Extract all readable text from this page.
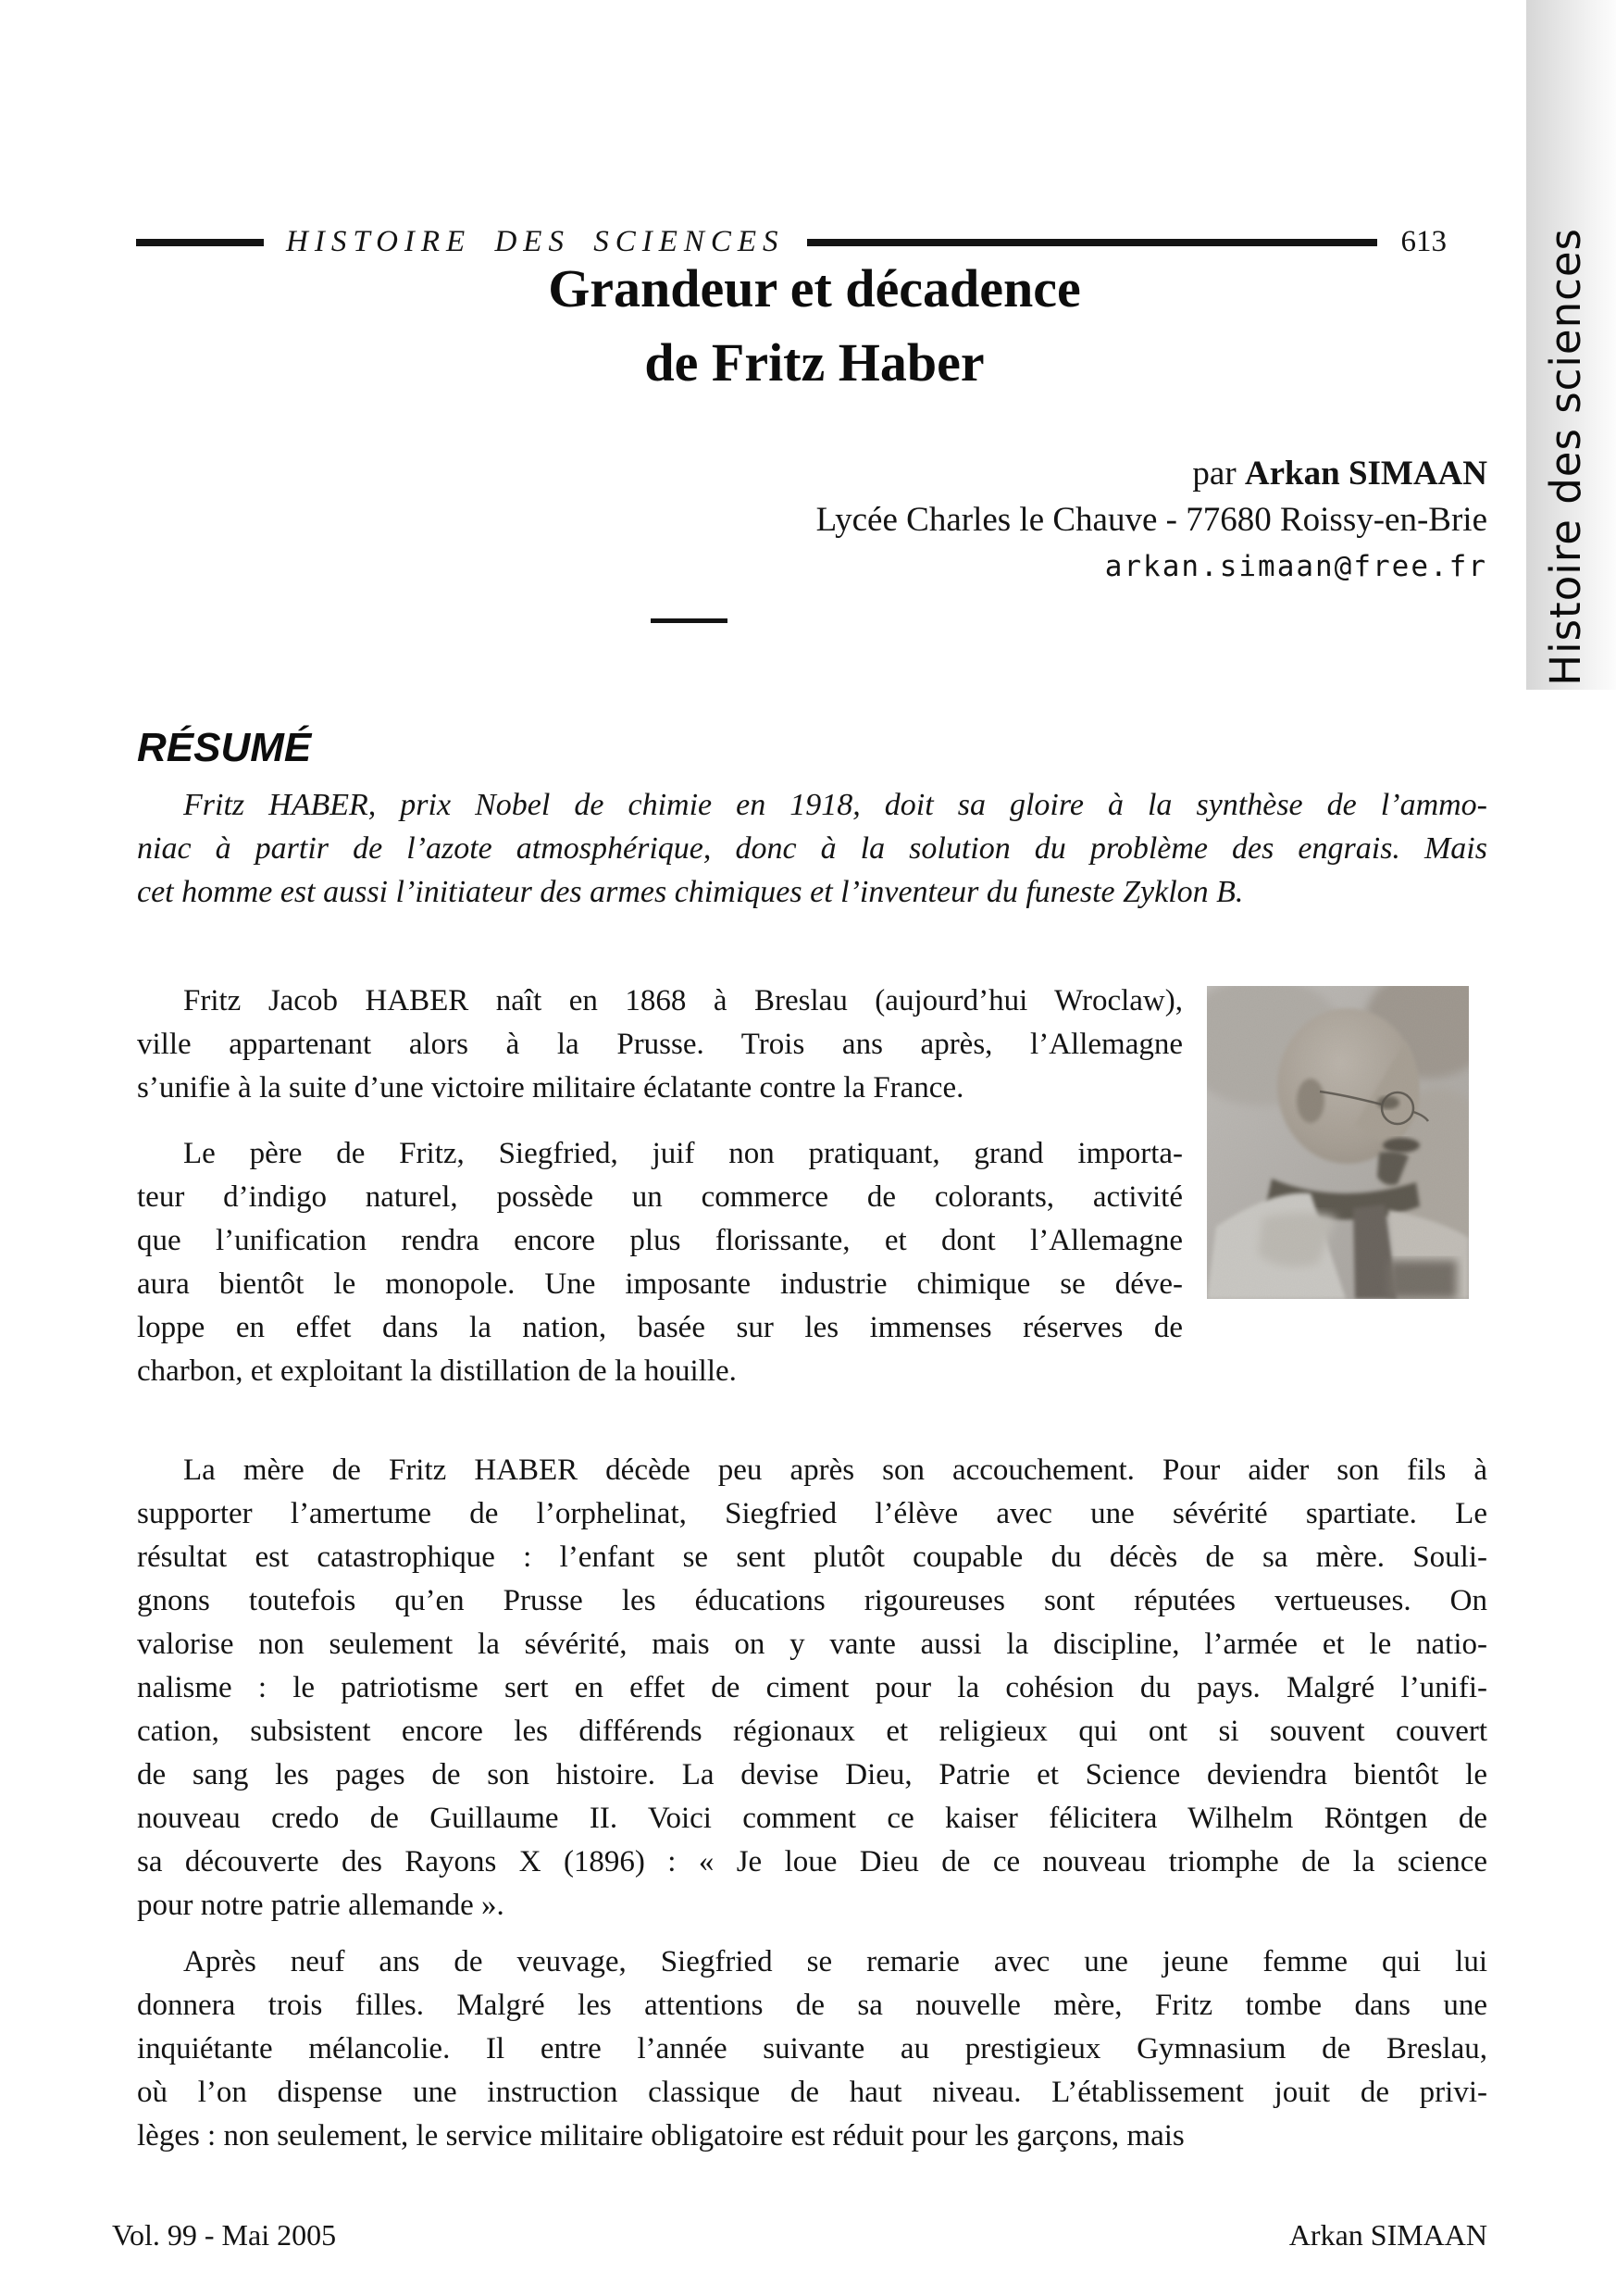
Histoire des sciences
HISTOIRE DES SCIENCES	613
Grandeur et décadence
de Fritz Haber
par Arkan SIMAAN
Lycée Charles le Chauve - 77680 Roissy-en-Brie
arkan.simaan@free.fr
RÉSUMÉ
Fritz HABER, prix Nobel de chimie en 1918, doit sa gloire à la synthèse de l’ammo-
niac à partir de l’azote atmosphérique, donc à la solution du problème des engrais. Mais
cet homme est aussi l’initiateur des armes chimiques et l’inventeur du funeste Zyklon B.
Fritz Jacob HABER naît en 1868 à Breslau (aujourd’hui Wroclaw),
ville appartenant alors à la Prusse. Trois ans après, l’Allemagne
s’unifie à la suite d’une victoire militaire éclatante contre la France.
Le père de Fritz, Siegfried, juif non pratiquant, grand importa-
teur d’indigo naturel, possède un commerce de colorants, activité
que l’unification rendra encore plus florissante, et dont l’Allemagne
aura bientôt le monopole. Une imposante industrie chimique se déve-
loppe en effet dans la nation, basée sur les immenses réserves de
charbon, et exploitant la distillation de la houille.
La mère de Fritz HABER décède peu après son accouchement. Pour aider son fils à
supporter l’amertume de l’orphelinat, Siegfried l’élève avec une sévérité spartiate. Le
résultat est catastrophique : l’enfant se sent plutôt coupable du décès de sa mère. Souli-
gnons toutefois qu’en Prusse les éducations rigoureuses sont réputées vertueuses. On
valorise non seulement la sévérité, mais on y vante aussi la discipline, l’armée et le natio-
nalisme : le patriotisme sert en effet de ciment pour la cohésion du pays. Malgré l’unifi-
cation, subsistent encore les différends régionaux et religieux qui ont si souvent couvert
de sang les pages de son histoire. La devise Dieu, Patrie et Science deviendra bientôt le
nouveau credo de Guillaume II. Voici comment ce kaiser félicitera Wilhelm Röntgen de
sa découverte des Rayons X (1896) : « Je loue Dieu de ce nouveau triomphe de la science
pour notre patrie allemande ».
Après neuf ans de veuvage, Siegfried se remarie avec une jeune femme qui lui
donnera trois filles. Malgré les attentions de sa nouvelle mère, Fritz tombe dans une
inquiétante mélancolie. Il entre l’année suivante au prestigieux Gymnasium de Breslau,
où l’on dispense une instruction classique de haut niveau. L’établissement jouit de privi-
lèges : non seulement, le service militaire obligatoire est réduit pour les garçons, mais
Vol. 99 - Mai 2005	Arkan SIMAAN
